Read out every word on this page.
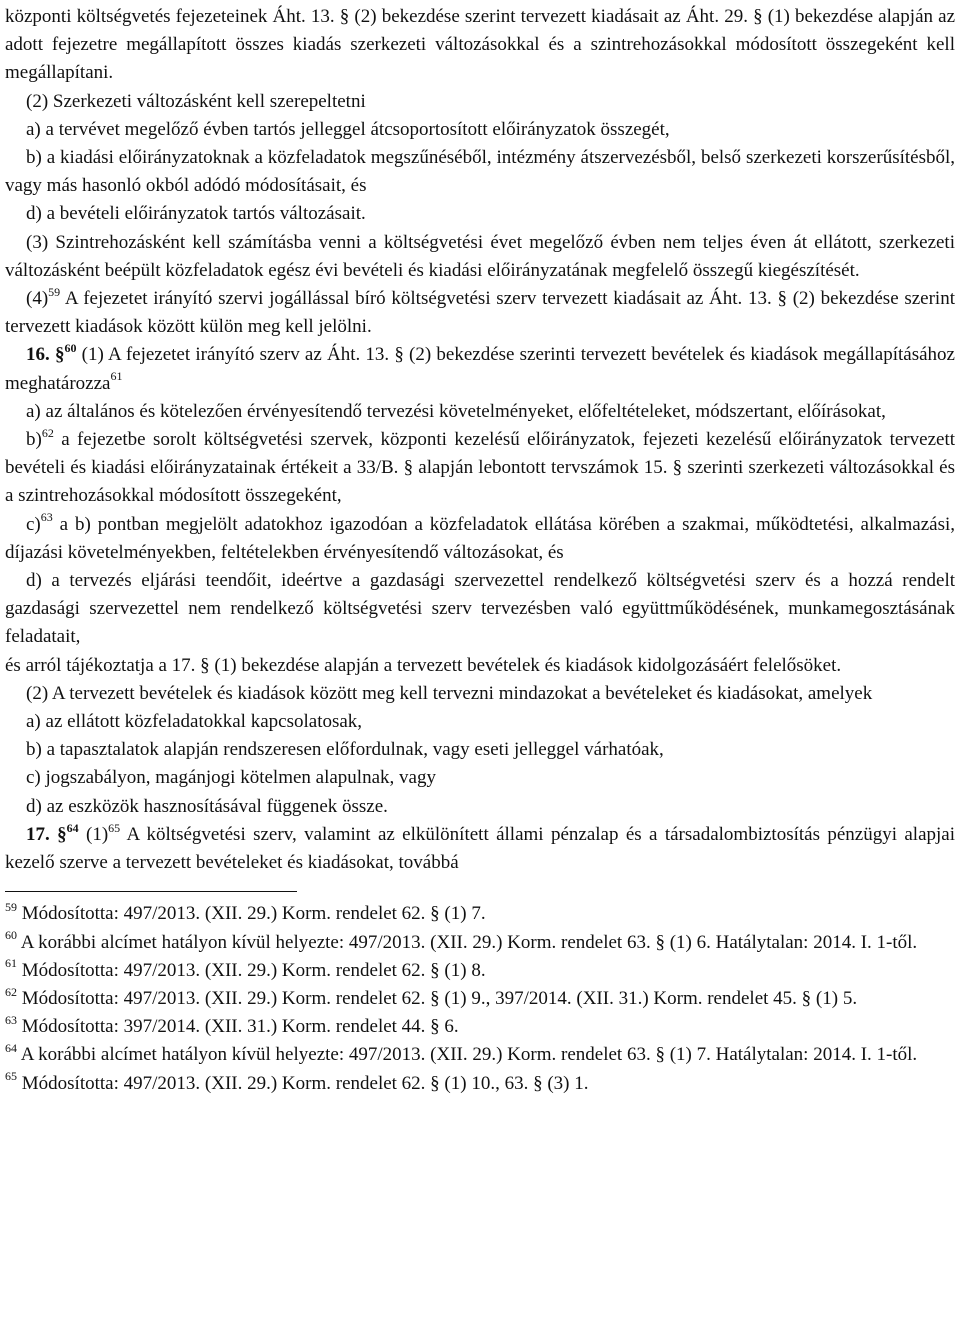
központi költségvetés fejezeteinek Áht. 13. § (2) bekezdése szerint tervezett kiadásait az Áht. 29. § (1) bekezdése alapján az adott fejezetre megállapított összes kiadás szerkezeti változásokkal és a szintrehozásokkal módosított összegeként kell megállapítani.

(2) Szerkezeti változásként kell szerepeltetni

a) a tervévet megelőző évben tartós jelleggel átcsoportosított előirányzatok összegét,

b) a kiadási előirányzatoknak a közfeladatok megszűnéséből, intézmény átszervezésből, belső szerkezeti korszerűsítésből, vagy más hasonló okból adódó módosításait, és

d) a bevételi előirányzatok tartós változásait.

(3) Szintrehozásként kell számításba venni a költségvetési évet megelőző évben nem teljes éven át ellátott, szerkezeti változásként beépült közfeladatok egész évi bevételi és kiadási előirányzatának megfelelő összegű kiegészítését.

$(4)^{59}$ A fejezetet irányító szervi jogállással bíró költségvetési szerv tervezett kiadásait az Áht. 13. § (2) bekezdése szerint tervezett kiadások között külön meg kell jelölni.

16. §$^{60}$ (1) A fejezetet irányító szerv az Áht. 13. § (2) bekezdése szerinti tervezett bevételek és kiadások megállapításához meghatározza$^{61}$

a) az általános és kötelezően érvényesítendő tervezési követelményeket, előfeltételeket, módszertant, előírásokat,

b)$^{62}$ a fejezetbe sorolt költségvetési szervek, központi kezelésű előirányzatok, fejezeti kezelésű előirányzatok tervezett bevételi és kiadási előirányzatainak értékeit a 33/B. § alapján lebontott tervszámok 15. § szerinti szerkezeti változásokkal és a szintrehozásokkal módosított összegeként,

c)$^{63}$ a b) pontban megjelölt adatokhoz igazodóan a közfeladatok ellátása körében a szakmai, működtetési, alkalmazási, díjazási követelményekben, feltételekben érvényesítendő változásokat, és

d) a tervezés eljárási teendőit, ideértve a gazdasági szervezettel rendelkező költségvetési szerv és a hozzá rendelt gazdasági szervezettel nem rendelkező költségvetési szerv tervezésben való együttműködésének, munkamegosztásának feladatait,

és arról tájékoztatja a 17. § (1) bekezdése alapján a tervezett bevételek és kiadások kidolgozásáért felelősöket.

(2) A tervezett bevételek és kiadások között meg kell tervezni mindazokat a bevételeket és kiadásokat, amelyek

a) az ellátott közfeladatokkal kapcsolatosak,

b) a tapasztalatok alapján rendszeresen előfordulnak, vagy eseti jelleggel várhatóak,

c) jogszabályon, magánjogi kötelmen alapulnak, vagy

d) az eszközök hasznosításával függenek össze.

17. §$^{64}$ $(1)^{65}$ A költségvetési szerv, valamint az elkülönített állami pénzalap és a társadalombiztosítás pénzügyi alapjai kezelő szerve a tervezett bevételeket és kiadásokat, továbbá

$^{59}$ Módosította: 497/2013. (XII. 29.) Korm. rendelet 62. § (1) 7.

$^{60}$ A korábbi alcímet hatályon kívül helyezte: 497/2013. (XII. 29.) Korm. rendelet 63. § (1) 6. Hatálytalan: 2014. I. 1-től.

$^{61}$ Módosította: 497/2013. (XII. 29.) Korm. rendelet 62. § (1) 8.

$^{62}$ Módosította: 497/2013. (XII. 29.) Korm. rendelet 62. § (1) 9., 397/2014. (XII. 31.) Korm. rendelet 45. § (1) 5.

$^{63}$ Módosította: 397/2014. (XII. 31.) Korm. rendelet 44. § 6.

$^{64}$ A korábbi alcímet hatályon kívül helyezte: 497/2013. (XII. 29.) Korm. rendelet 63. § (1) 7. Hatálytalan: 2014. I. 1-től.

$^{65}$ Módosította: 497/2013. (XII. 29.) Korm. rendelet 62. § (1) 10., 63. § (3) 1.
